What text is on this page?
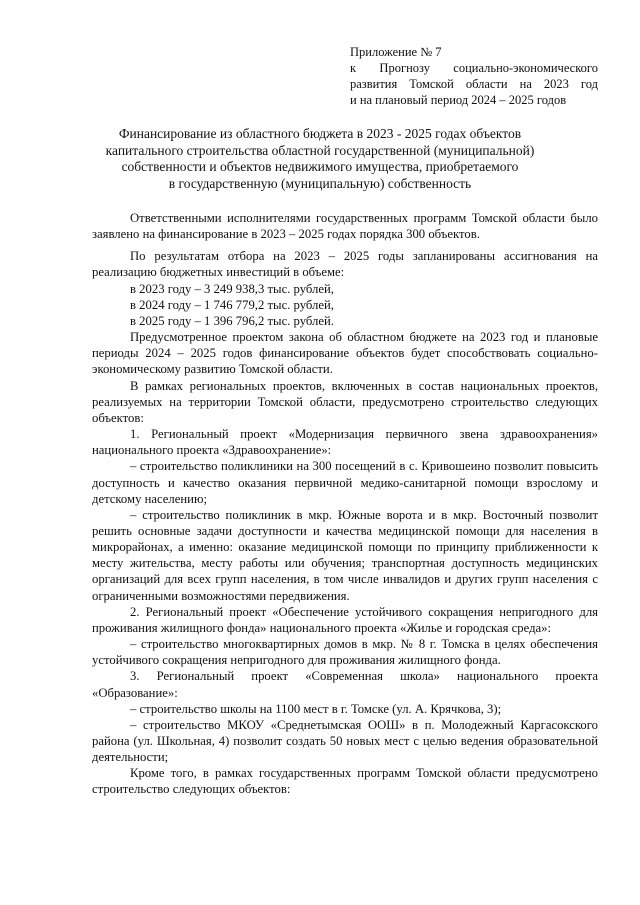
Приложение № 7
к Прогнозу социально-экономического
развития Томской области на 2023 год
и на плановый период 2024 – 2025 годов
Финансирование из областного бюджета в 2023 - 2025 годах объектов
капитального строительства областной государственной (муниципальной)
собственности и объектов недвижимого имущества, приобретаемого
в государственную (муниципальную) собственность

Ответственными исполнителями государственных программ Томской области было заявлено на финансирование в 2023 – 2025 годах порядка 300 объектов.

По результатам отбора на 2023 – 2025 годы запланированы ассигнования на реализацию бюджетных инвестиций в объеме:

в 2023 году – 3 249 938,3 тыс. рублей,

в 2024 году – 1 746 779,2 тыс. рублей,

в 2025 году – 1 396 796,2 тыс. рублей.

Предусмотренное проектом закона об областном бюджете на 2023 год и плановые периоды 2024 – 2025 годов финансирование объектов будет способствовать социально-экономическому развитию Томской области.

В рамках региональных проектов, включенных в состав национальных проектов, реализуемых на территории Томской области, предусмотрено строительство следующих объектов:

1. Региональный проект «Модернизация первичного звена здравоохранения» национального проекта «Здравоохранение»:

– строительство поликлиники на 300 посещений в с. Кривошеино позволит повысить доступность и качество оказания первичной медико-санитарной помощи взрослому и детскому населению;

– строительство поликлиник в мкр. Южные ворота и в мкр. Восточный позволит решить основные задачи доступности и качества медицинской помощи для населения в микрорайонах, а именно: оказание медицинской помощи по принципу приближенности к месту жительства, месту работы или обучения; транспортная доступность медицинских организаций для всех групп населения, в том числе инвалидов и других групп населения с ограниченными возможностями передвижения.

2. Региональный проект «Обеспечение устойчивого сокращения непригодного для проживания жилищного фонда» национального проекта «Жилье и городская среда»:

– строительство многоквартирных домов в мкр. № 8 г. Томска в целях обеспечения устойчивого сокращения непригодного для проживания жилищного фонда.

3. Региональный проект «Современная школа» национального проекта «Образование»:

– строительство школы на 1100 мест в г. Томске (ул. А. Крячкова, 3);

– строительство МКОУ «Среднетымская ООШ» в п. Молодежный Каргасокского района (ул. Школьная, 4) позволит создать 50 новых мест с целью ведения образовательной деятельности;

Кроме того, в рамках государственных программ Томской области предусмотрено строительство следующих объектов:
